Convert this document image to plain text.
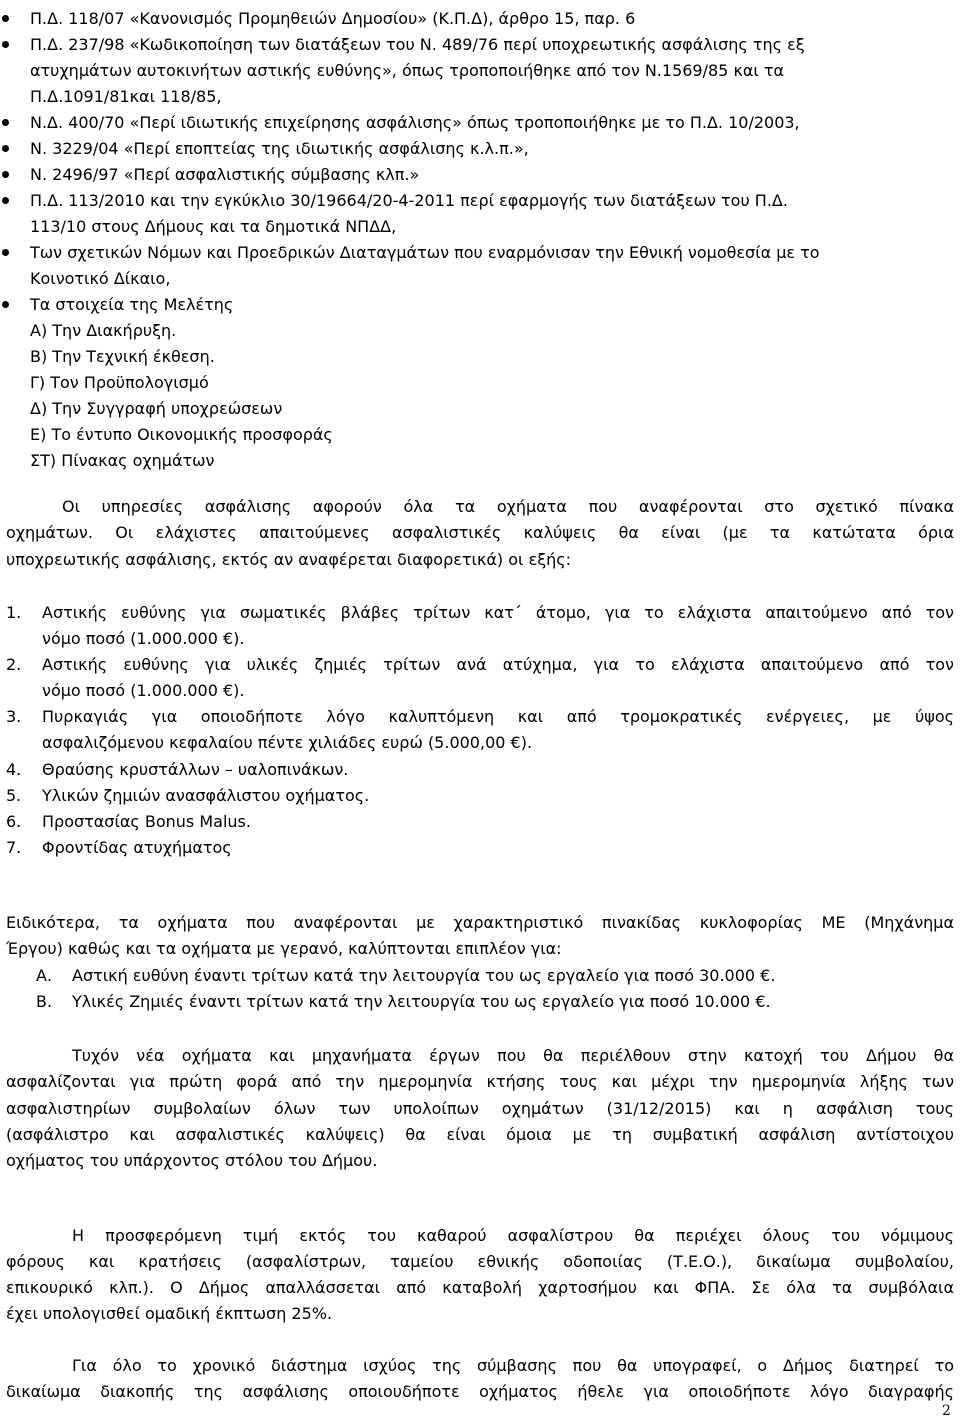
Π.Δ. 118/07 «Κανονισμός Προμηθειών Δημοσίου» (Κ.Π.Δ), άρθρο 15, παρ. 6
Π.Δ. 237/98 «Κωδικοποίηση των διατάξεων του Ν. 489/76 περί υποχρεωτικής ασφάλισης της εξ
ατυχημάτων αυτοκινήτων αστικής ευθύνης», όπως τροποποιήθηκε από τον Ν.1569/85 και τα
Π.Δ.1091/81και 118/85,
Ν.Δ. 400/70 «Περί ιδιωτικής επιχείρησης ασφάλισης» όπως τροποποιήθηκε με το Π.Δ. 10/2003,
Ν. 3229/04 «Περί εποπτείας της ιδιωτικής ασφάλισης κ.λ.π.»,
Ν. 2496/97 «Περί ασφαλιστικής σύμβασης κλπ.»
Π.Δ. 113/2010 και την εγκύκλιο 30/19664/20-4-2011 περί εφαρμογής των διατάξεων του Π.Δ.
113/10 στους Δήμους και τα δημοτικά ΝΠΔΔ,
Των σχετικών Νόμων και Προεδρικών Διαταγμάτων που εναρμόνισαν την Εθνική νομοθεσία με το
Κοινοτικό Δίκαιο,
Τα στοιχεία της Μελέτης
Α) Την Διακήρυξη.
Β) Την Τεχνική έκθεση.
Γ) Τον Προϋπολογισμό
Δ) Την Συγγραφή υποχρεώσεων
Ε) Το έντυπο Οικονομικής προσφοράς
ΣΤ) Πίνακας οχημάτων
Οι υπηρεσίες ασφάλισης αφορούν όλα τα οχήματα που αναφέρονται στο σχετικό πίνακα
οχημάτων. Οι ελάχιστες απαιτούμενες ασφαλιστικές καλύψεις θα είναι (με τα κατώτατα όρια
υποχρεωτικής ασφάλισης, εκτός αν αναφέρεται διαφορετικά) οι εξής:
1. Αστικής ευθύνης για σωματικές βλάβες τρίτων κατ΄ άτομο, για το ελάχιστα απαιτούμενο από τον
νόμο ποσό (1.000.000 €).
2. Αστικής ευθύνης για υλικές ζημιές τρίτων ανά ατύχημα, για το ελάχιστα απαιτούμενο από τον
νόμο ποσό (1.000.000 €).
3. Πυρκαγιάς για οποιοδήποτε λόγο καλυπτόμενη και από τρομοκρατικές ενέργειες, με ύψος
ασφαλιζόμενου κεφαλαίου πέντε χιλιάδες ευρώ (5.000,00 €).
4. Θραύσης κρυστάλλων – υαλοπινάκων.
5. Υλικών ζημιών ανασφάλιστου οχήματος.
6. Προστασίας Bonus Malus.
7. Φροντίδας ατυχήματος
Ειδικότερα, τα οχήματα που αναφέρονται με χαρακτηριστικό πινακίδας κυκλοφορίας ΜΕ (Μηχάνημα
Έργου) καθώς και τα οχήματα με γερανό, καλύπτονται επιπλέον για:
Α. Αστική ευθύνη έναντι τρίτων κατά την λειτουργία του ως εργαλείο για ποσό 30.000 €.
Β. Υλικές Ζημιές έναντι τρίτων κατά την λειτουργία του ως εργαλείο για ποσό 10.000 €.
Τυχόν νέα οχήματα και μηχανήματα έργων που θα περιέλθουν στην κατοχή του Δήμου θα
ασφαλίζονται για πρώτη φορά από την ημερομηνία κτήσης τους και μέχρι την ημερομηνία λήξης των
ασφαλιστηρίων συμβολαίων όλων των υπολοίπων οχημάτων (31/12/2015) και η ασφάλιση τους
(ασφάλιστρο και ασφαλιστικές καλύψεις) θα είναι όμοια με τη συμβατική ασφάλιση αντίστοιχου
οχήματος του υπάρχοντος στόλου του Δήμου.
Η προσφερόμενη τιμή εκτός του καθαρού ασφαλίστρου θα περιέχει όλους του νόμιμους
φόρους και κρατήσεις (ασφαλίστρων, ταμείου εθνικής οδοποιίας (Τ.Ε.Ο.), δικαίωμα συμβολαίου,
επικουρικό κλπ.). Ο Δήμος απαλλάσσεται από καταβολή χαρτοσήμου και ΦΠΑ. Σε όλα τα συμβόλαια
έχει υπολογισθεί ομαδική έκπτωση 25%.
Για όλο το χρονικό διάστημα ισχύος της σύμβασης που θα υπογραφεί, ο Δήμος διατηρεί το
δικαίωμα διακοπής της ασφάλισης οποιουδήποτε οχήματος ήθελε για οποιοδήποτε λόγο διαγραφής
2
